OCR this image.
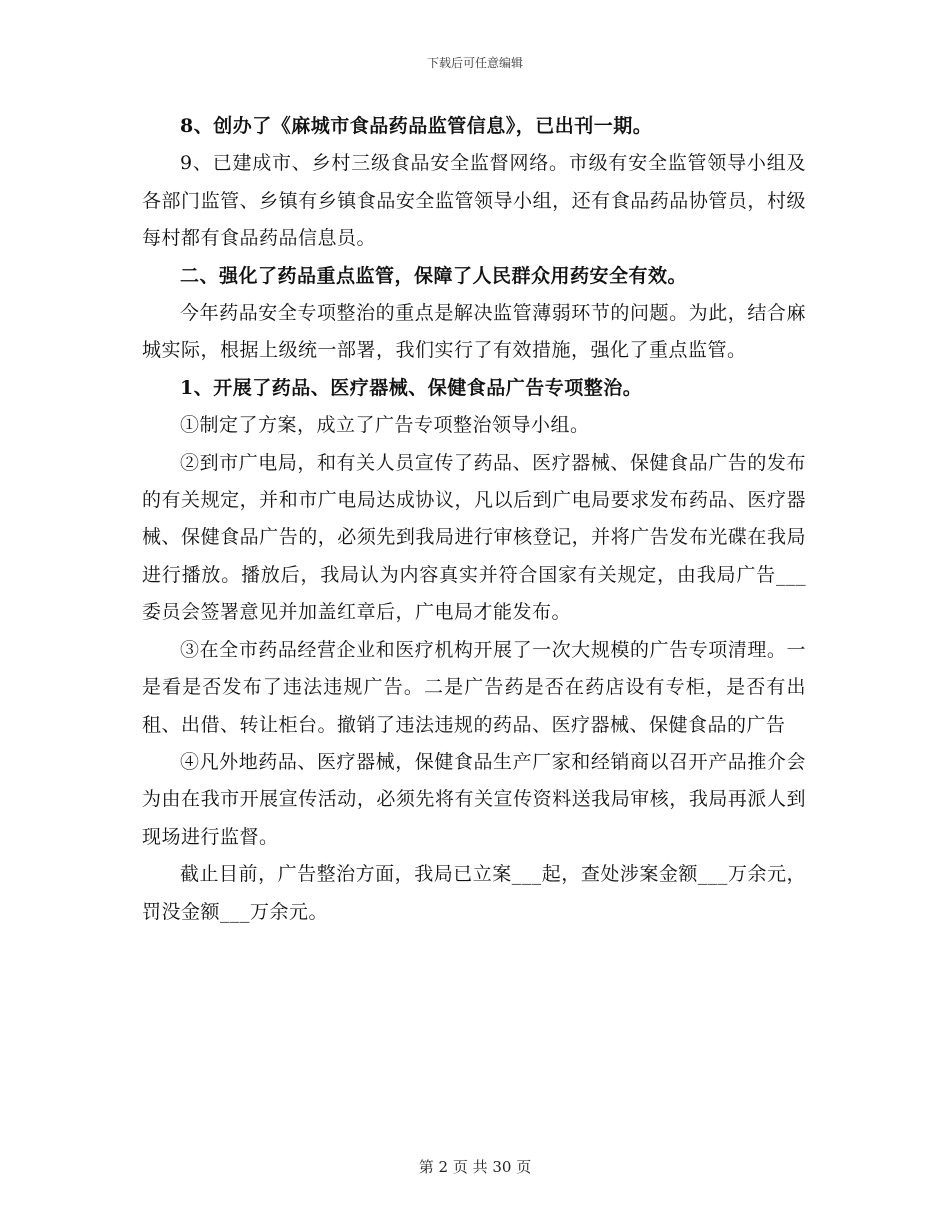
下载后可任意编辑

8、创办了《麻城市食品药品监管信息》，已出刊一期。

9、已建成市、乡村三级食品安全监督网络。市级有安全监管领导小组及各部门监管、乡镇有乡镇食品安全监管领导小组，还有食品药品协管员，村级每村都有食品药品信息员。

二、强化了药品重点监管，保障了人民群众用药安全有效。

今年药品安全专项整治的重点是解决监管薄弱环节的问题。为此，结合麻城实际，根据上级统一部署，我们实行了有效措施，强化了重点监管。

1、开展了药品、医疗器械、保健食品广告专项整治。

①制定了方案，成立了广告专项整治领导小组。

②到市广电局，和有关人员宣传了药品、医疗器械、保健食品广告的发布的有关规定，并和市广电局达成协议，凡以后到广电局要求发布药品、医疗器械、保健食品广告的，必须先到我局进行审核登记，并将广告发布光碟在我局进行播放。播放后，我局认为内容真实并符合国家有关规定，由我局广告___委员会签署意见并加盖红章后，广电局才能发布。

③在全市药品经营企业和医疗机构开展了一次大规模的广告专项清理。一是看是否发布了违法违规广告。二是广告药是否在药店设有专柜，是否有出租、出借、转让柜台。撤销了违法违规的药品、医疗器械、保健食品的广告

④凡外地药品、医疗器械，保健食品生产厂家和经销商以召开产品推介会为由在我市开展宣传活动，必须先将有关宣传资料送我局审核，我局再派人到现场进行监督。

截止目前，广告整治方面，我局已立案___起，查处涉案金额___万余元，罚没金额___万余元。

第 2 页 共 30 页
